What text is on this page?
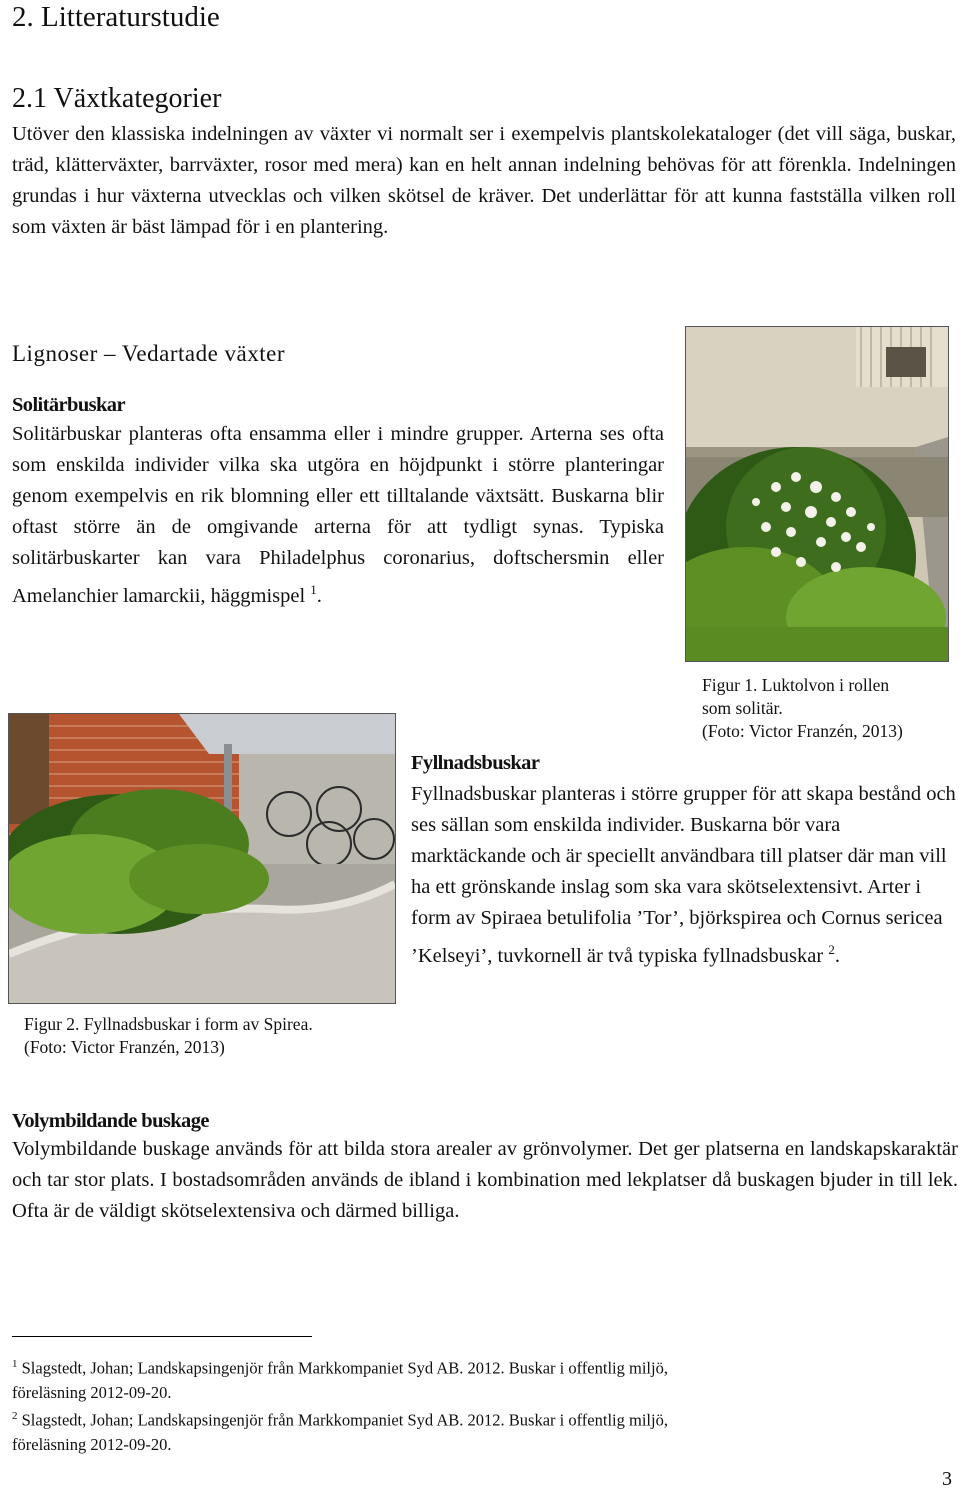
2. Litteraturstudie
2.1 Växtkategorier

Utöver den klassiska indelningen av växter vi normalt ser i exempelvis plantskolekataloger (det vill säga, buskar, träd, klätterväxter, barrväxter, rosor med mera) kan en helt annan indelning behövas för att förenkla. Indelningen grundas i hur växterna utvecklas och vilken skötsel de kräver. Det underlättar för att kunna fastställa vilken roll som växten är bäst lämpad för i en plantering.

Lignoser – Vedartade växter
Solitärbuskar

Solitärbuskar planteras ofta ensamma eller i mindre grupper. Arterna ses ofta som enskilda individer vilka ska utgöra en höjdpunkt i större planteringar genom exempelvis en rik blomning eller ett tilltalande växtsätt. Buskarna blir oftast större än de omgivande arterna för att tydligt synas. Typiska solitärbuskarter kan vara Philadelphus coronarius, doftschersmin eller Amelanchier lamarckii, häggmispel $^1$.

Figur 1. Luktolvon i rollen
som solitär.
(Foto: Victor Franzén, 2013)
Figur 2. Fyllnadsbuskar i form av Spirea.
(Foto: Victor Franzén, 2013)
Fyllnadsbuskar

Fyllnadsbuskar planteras i större grupper för att skapa bestånd och ses sällan som enskilda individer. Buskarna bör vara marktäckande och är speciellt användbara till platser där man vill ha ett grönskande inslag som ska vara skötselextensivt. Arter i form av Spiraea betulifolia ’Tor’, björkspirea och Cornus sericea ’Kelseyi’, tuvkornell är två typiska fyllnadsbuskar $^2$.

Volymbildande buskage

Volymbildande buskage används för att bilda stora arealer av grönvolymer. Det ger platserna en landskapskaraktär och tar stor plats. I bostadsområden används de ibland i kombination med lekplatser då buskagen bjuder in till lek. Ofta är de väldigt skötselextensiva och därmed billiga.

$^1$ Slagstedt, Johan; Landskapsingenjör från Markkompaniet Syd AB. 2012. Buskar i offentlig miljö,
föreläsning 2012-09-20.
$^2$ Slagstedt, Johan; Landskapsingenjör från Markkompaniet Syd AB. 2012. Buskar i offentlig miljö,
föreläsning 2012-09-20.
3
